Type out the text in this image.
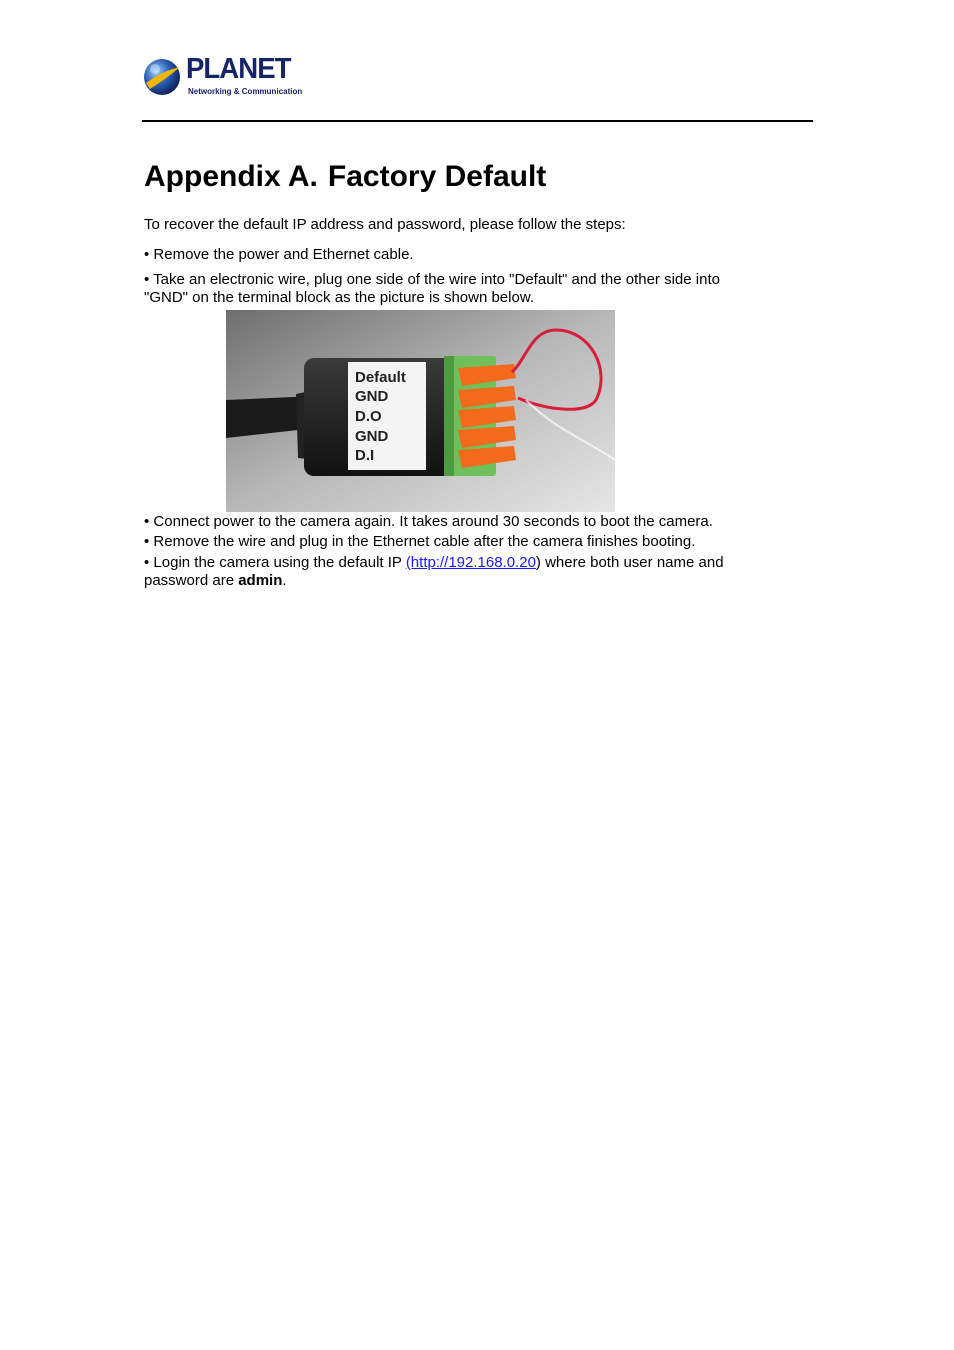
PLANET
Networking & Communication
Appendix A. Factory Default

To recover the default IP address and password, please follow the steps:

• Remove the power and Ethernet cable.

• Take an electronic wire, plug one side of the wire into "Default" and the other side into
"GND" on the terminal block as the picture is shown below.

Default
GND
D.O
GND
D.I

• Connect power to the camera again. It takes around 30 seconds to boot the camera.

• Remove the wire and plug in the Ethernet cable after the camera finishes booting.

• Login the camera using the default IP (http://192.168.0.20) where both user name and
password are admin.
